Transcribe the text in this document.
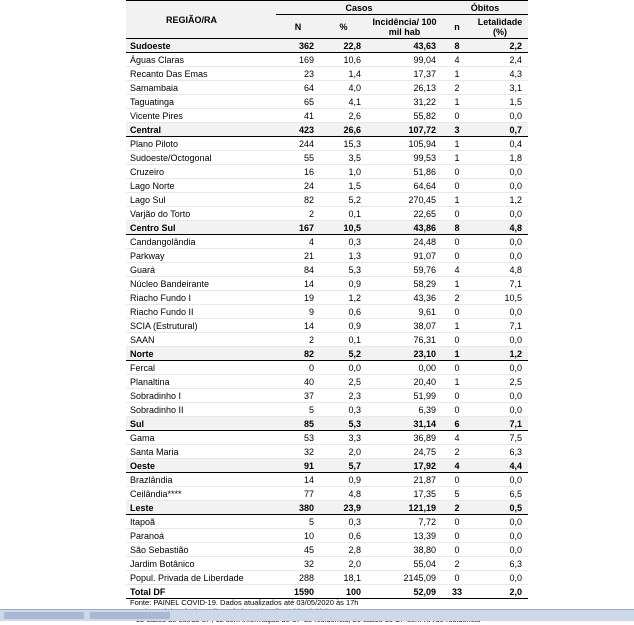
REGIÃO/RA	Casos			Óbitos	
	N	%	Incidência/ 100 mil hab	n	Letalidade (%)
Sudoeste	362	22,8	43,63	8	2,2
Águas Claras	169	10,6	99,04	4	2,4
Recanto Das Emas	23	1,4	17,37	1	4,3
Samambaia	64	4,0	26,13	2	3,1
Taguatinga	65	4,1	31,22	1	1,5
Vicente Pires	41	2,6	55,82	0	0,0
Central	423	26,6	107,72	3	0,7
Plano Piloto	244	15,3	105,94	1	0,4
Sudoeste/Octogonal	55	3,5	99,53	1	1,8
Cruzeiro	16	1,0	51,86	0	0,0
Lago Norte	24	1,5	64,64	0	0,0
Lago Sul	82	5,2	270,45	1	1,2
Varjão do Torto	2	0,1	22,65	0	0,0
Centro Sul	167	10,5	43,86	8	4,8
Candangolândia	4	0,3	24,48	0	0,0
Parkway	21	1,3	91,07	0	0,0
Guará	84	5,3	59,76	4	4,8
Núcleo Bandeirante	14	0,9	58,29	1	7,1
Riacho Fundo I	19	1,2	43,36	2	10,5
Riacho Fundo II	9	0,6	9,61	0	0,0
SCIA (Estrutural)	14	0,9	38,07	1	7,1
SAAN	2	0,1	76,31	0	0,0
Norte	82	5,2	23,10	1	1,2
Fercal	0	0,0	0,00	0	0,0
Planaltina	40	2,5	20,40	1	2,5
Sobradinho I	37	2,3	51,99	0	0,0
Sobradinho II	5	0,3	6,39	0	0,0
Sul	85	5,3	31,14	6	7,1
Gama	53	3,3	36,89	4	7,5
Santa Maria	32	2,0	24,75	2	6,3
Oeste	91	5,7	17,92	4	4,4
Brazlândia	14	0,9	21,87	0	0,0
Ceilândia****	77	4,8	17,35	5	6,5
Leste	380	23,9	121,19	2	0,5
Itapoã	5	0,3	7,72	0	0,0
Paranoá	10	0,6	13,39	0	0,0
São Sebastião	45	2,8	38,80	0	0,0
Jardim Botânico	32	2,0	55,04	2	6,3
Popul. Privada de Liberdade	288	18,1	2145,09	0	0,0
Total DF	1590	100	52,09	33	2,0
Fonte: PAINEL COVID-19. Dados atualizados até 03/05/2020 às 17h
